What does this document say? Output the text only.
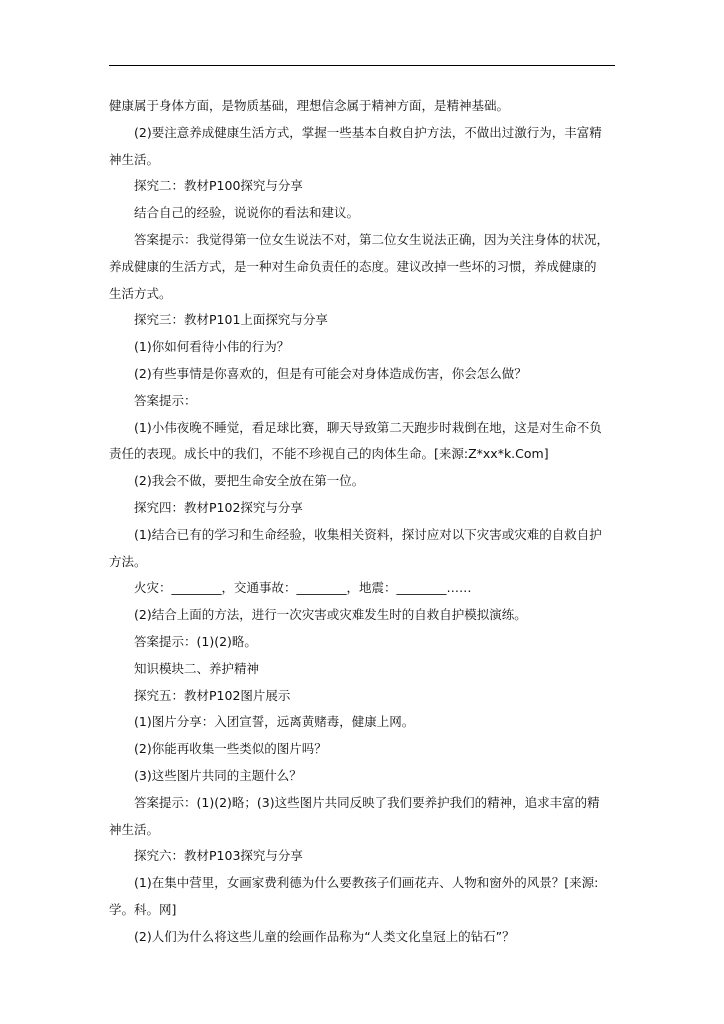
健康属于身体方面，是物质基础，理想信念属于精神方面，是精神基础。

(2)要注意养成健康生活方式，掌握一些基本自救自护方法，不做出过激行为，丰富精

神生活。

探究二：教材P100探究与分享

结合自己的经验，说说你的看法和建议。

答案提示：我觉得第一位女生说法不对，第二位女生说法正确，因为关注身体的状况，

养成健康的生活方式，是一种对生命负责任的态度。建议改掉一些坏的习惯，养成健康的

生活方式。

探究三：教材P101上面探究与分享

(1)你如何看待小伟的行为？

(2)有些事情是你喜欢的，但是有可能会对身体造成伤害，你会怎么做？

答案提示：

(1)小伟夜晚不睡觉，看足球比赛，聊天导致第二天跑步时栽倒在地，这是对生命不负

责任的表现。成长中的我们，不能不珍视自己的肉体生命。[来源:Z*xx*k.Com]

(2)我会不做，要把生命安全放在第一位。

探究四：教材P102探究与分享

(1)结合已有的学习和生命经验，收集相关资料，探讨应对以下灾害或灾难的自救自护

方法。

火灾：________，交通事故：________，地震：________……

(2)结合上面的方法，进行一次灾害或灾难发生时的自救自护模拟演练。

答案提示：(1)(2)略。

知识模块二、养护精神

探究五：教材P102图片展示

(1)图片分享：入团宣誓，远离黄赌毒，健康上网。

(2)你能再收集一些类似的图片吗？

(3)这些图片共同的主题什么？

答案提示：(1)(2)略；(3)这些图片共同反映了我们要养护我们的精神，追求丰富的精

神生活。

探究六：教材P103探究与分享

(1)在集中营里，女画家费利德为什么要教孩子们画花卉、人物和窗外的风景？[来源:

学。科。网]

(2)人们为什么将这些儿童的绘画作品称为“人类文化皇冠上的钻石”？
